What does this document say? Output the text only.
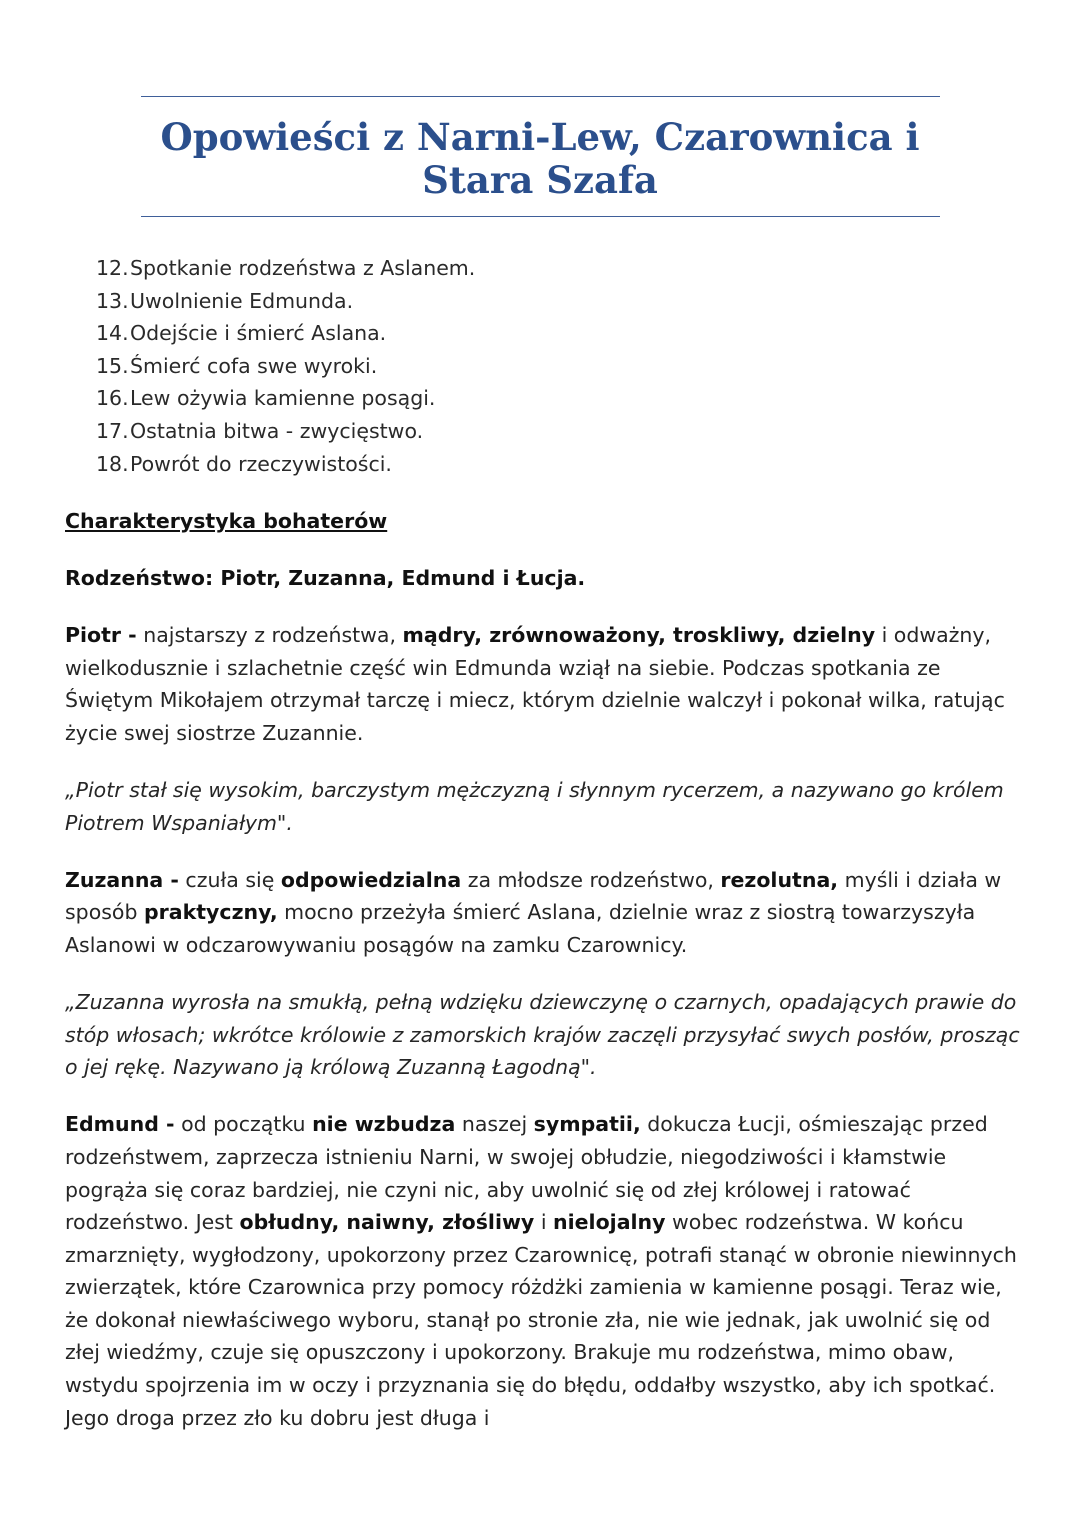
Opowieści z Narni-Lew, Czarownica i
Stara Szafa
12. Spotkanie rodzeństwa z Aslanem.
13. Uwolnienie Edmunda.
14. Odejście i śmierć Aslana.
15. Śmierć cofa swe wyroki.
16. Lew ożywia kamienne posągi.
17. Ostatnia bitwa - zwycięstwo.
18. Powrót do rzeczywistości.

Charakterystyka bohaterów

Rodzeństwo: Piotr, Zuzanna, Edmund i Łucja.

Piotr - najstarszy z rodzeństwa, mądry, zrównoważony, troskliwy, dzielny i odważny, wielkodusznie i szlachetnie część win Edmunda wziął na siebie. Podczas spotkania ze Świętym Mikołajem otrzymał tarczę i miecz, którym dzielnie walczył i pokonał wilka, ratując życie swej siostrze Zuzannie.

„Piotr stał się wysokim, barczystym mężczyzną i słynnym rycerzem, a nazywano go królem Piotrem Wspaniałym".

Zuzanna - czuła się odpowiedzialna za młodsze rodzeństwo, rezolutna, myśli i działa w sposób praktyczny, mocno przeżyła śmierć Aslana, dzielnie wraz z siostrą towarzyszyła Aslanowi w odczarowywaniu posągów na zamku Czarownicy.

„Zuzanna wyrosła na smukłą, pełną wdzięku dziewczynę o czarnych, opadających prawie do stóp włosach; wkrótce królowie z zamorskich krajów zaczęli przysyłać swych posłów, prosząc o jej rękę. Nazywano ją królową Zuzanną Łagodną".

Edmund - od początku nie wzbudza naszej sympatii, dokucza Łucji, ośmieszając przed rodzeństwem, zaprzecza istnieniu Narni, w swojej obłudzie, niegodziwości i kłamstwie pogrąża się coraz bardziej, nie czyni nic, aby uwolnić się od złej królowej i ratować rodzeństwo. Jest obłudny, naiwny, złośliwy i nielojalny wobec rodzeństwa. W końcu zmarznięty, wygłodzony, upokorzony przez Czarownicę, potrafi stanąć w obronie niewinnych zwierzątek, które Czarownica przy pomocy różdżki zamienia w kamienne posągi. Teraz wie, że dokonał niewłaściwego wyboru, stanął po stronie zła, nie wie jednak, jak uwolnić się od złej wiedźmy, czuje się opuszczony i upokorzony. Brakuje mu rodzeństwa, mimo obaw, wstydu spojrzenia im w oczy i przyznania się do błędu, oddałby wszystko, aby ich spotkać. Jego droga przez zło ku dobru jest długa i
